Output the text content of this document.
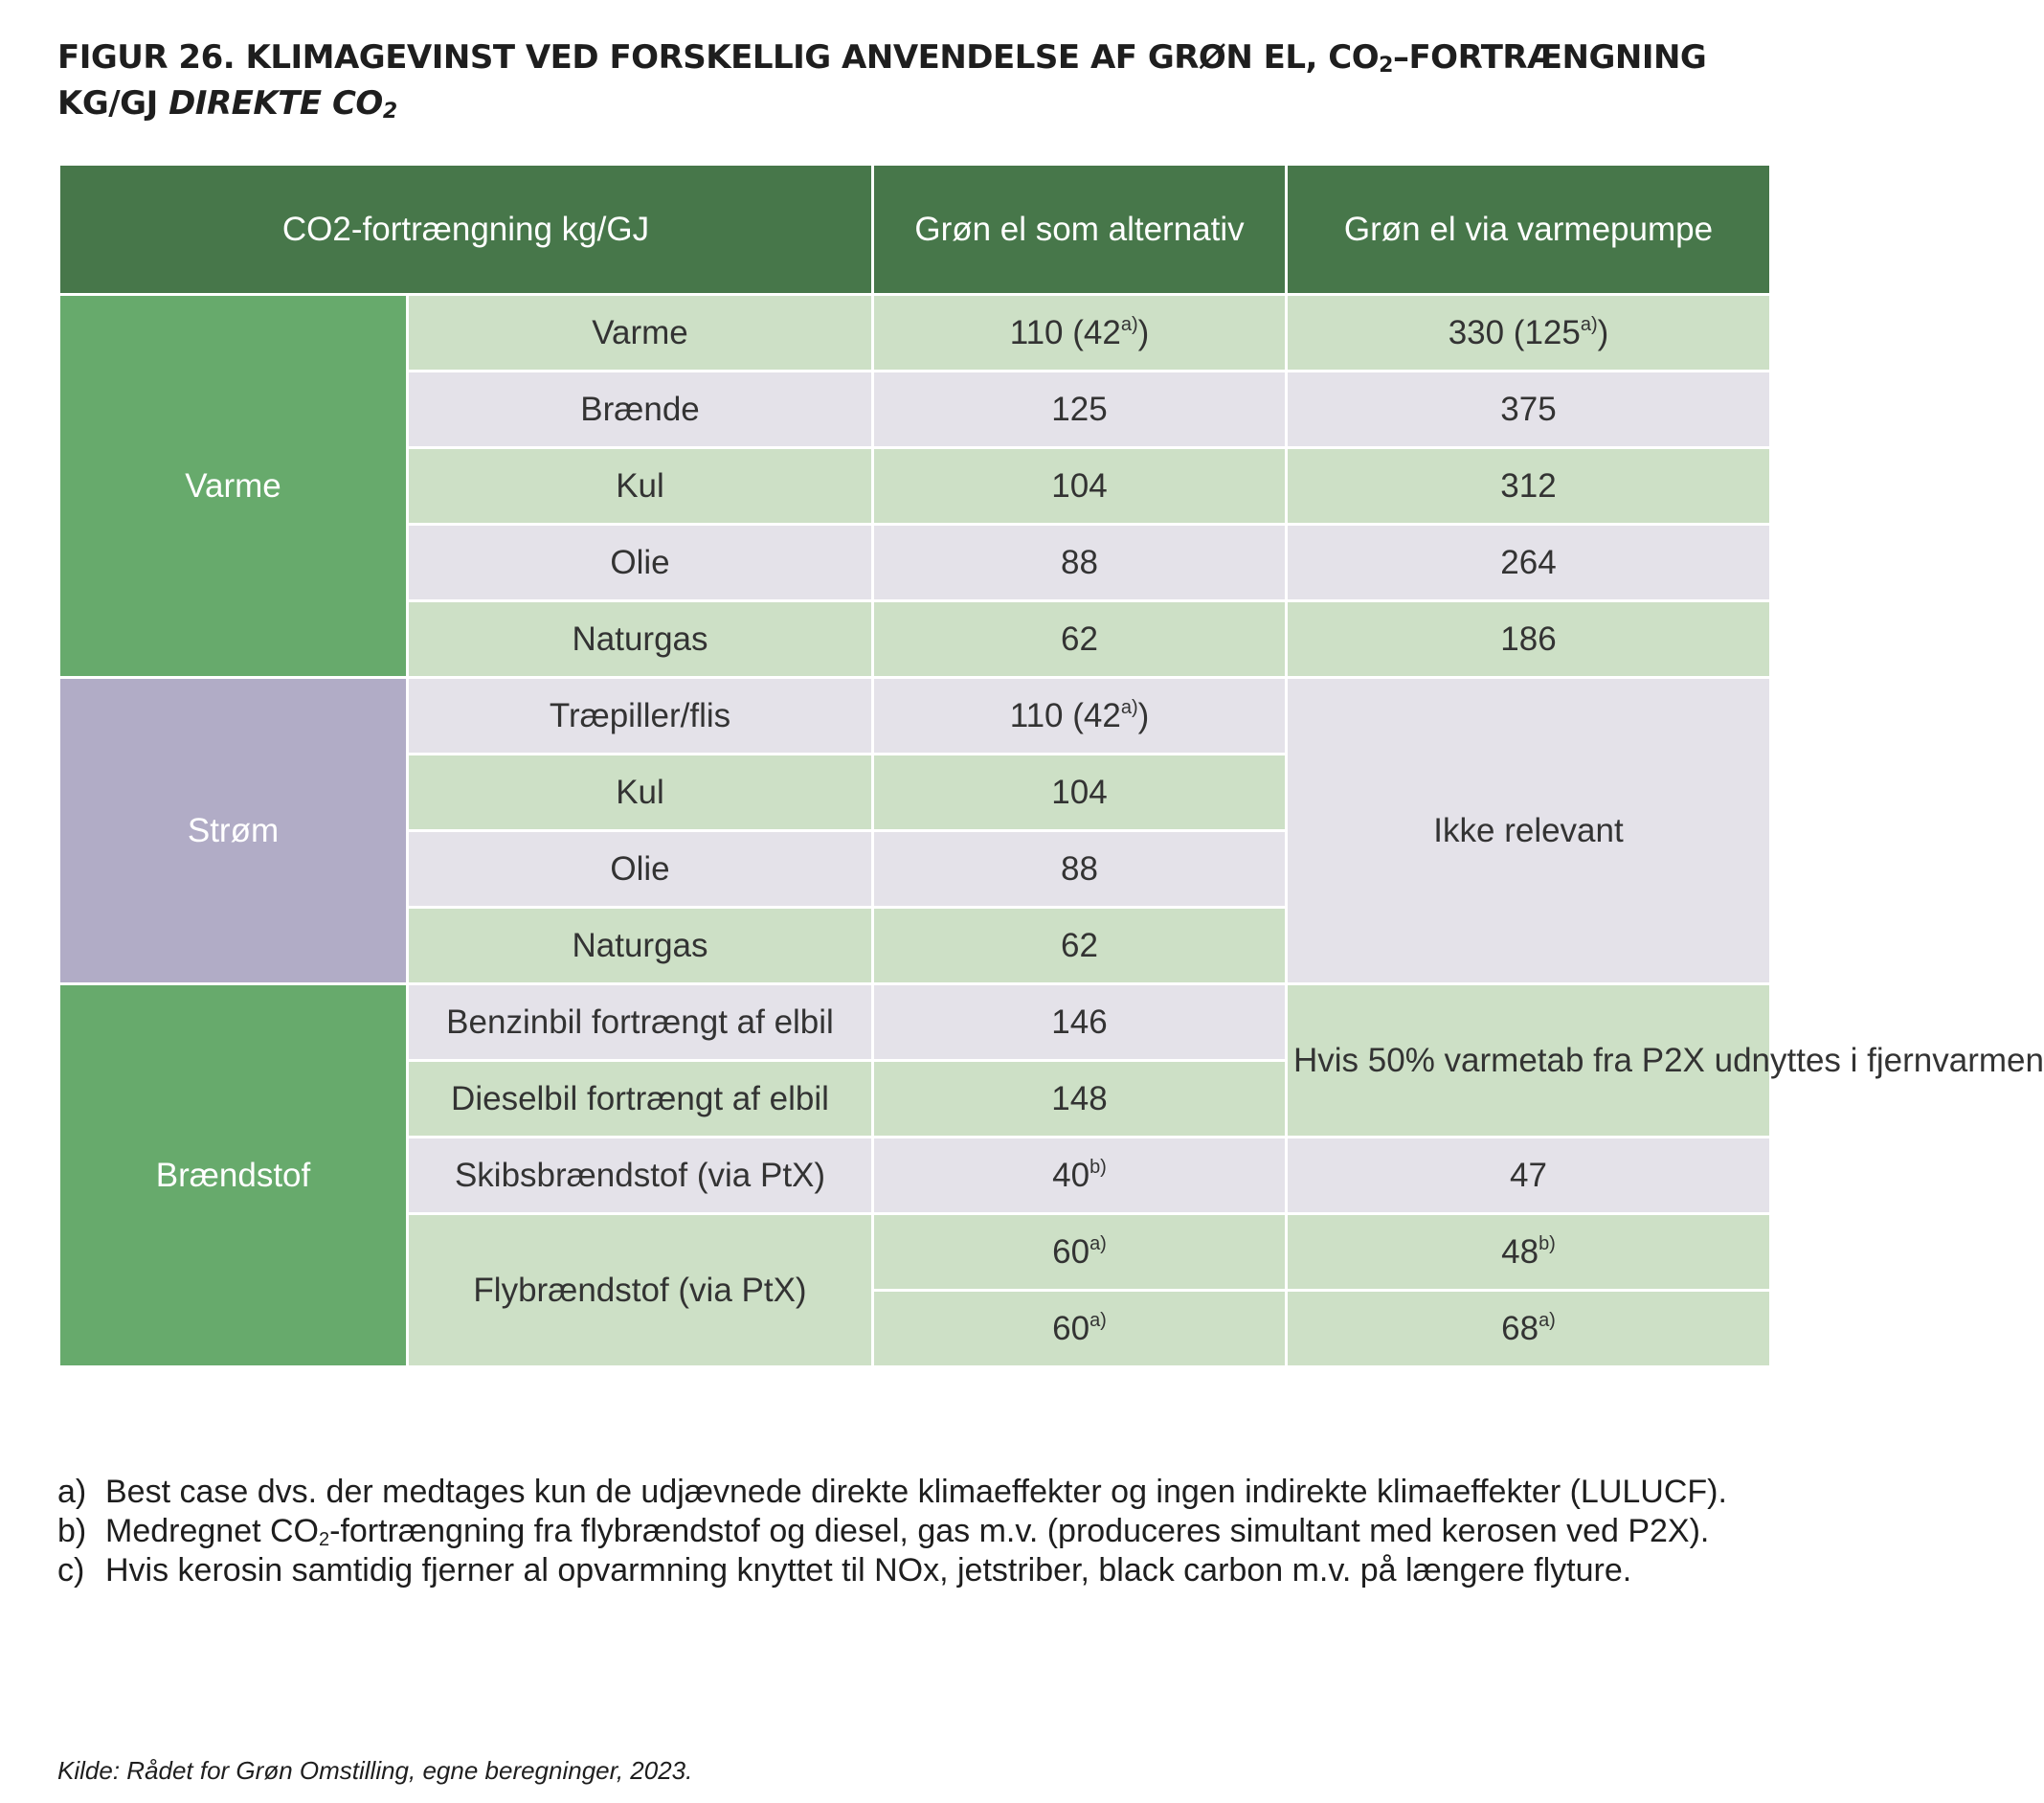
FIGUR 26. KLIMAGEVINST VED FORSKELLIG ANVENDELSE AF GRØN EL, $CO_2$–FORTRÆNGNING
KG/GJ DIREKTE $CO_2$
CO2-fortrængning kg/GJ		Grøn el som alternativ	Grøn el via varmepumpe
Varme	Varme	110 (42$^{a)}$)	330 (125$^{a)}$)
	Brænde	125	375
	Kul	104	312
	Olie	88	264
	Naturgas	62	186
Strøm	Træpiller/flis	110 (42$^{a)}$)	Ikke relevant
	Kul	104	
	Olie	88	
	Naturgas	62	
Brændstof	Benzinbil fortrængt af elbil	146	Hvis 50% varmetab fra P2X udnyttes i fjernvarmen
	Dieselbil fortrængt af elbil	148	
	Skibsbrændstof (via PtX)	40$^{b)}$	47
	Flybrændstof (via PtX)	60$^{a)}$	48$^{b)}$
		60$^{a)}$	68$^{a)}$
a) Best case dvs. der medtages kun de udjævnede direkte klimaeffekter og ingen indirekte klimaeffekter (LULUCF).
b) Medregnet $CO_2$-fortrængning fra flybrændstof og diesel, gas m.v. (produceres simultant med kerosen ved P2X).
c) Hvis kerosin samtidig fjerner al opvarmning knyttet til NOx, jetstriber, black carbon m.v. på længere flyture.
Kilde: Rådet for Grøn Omstilling, egne beregninger, 2023.
